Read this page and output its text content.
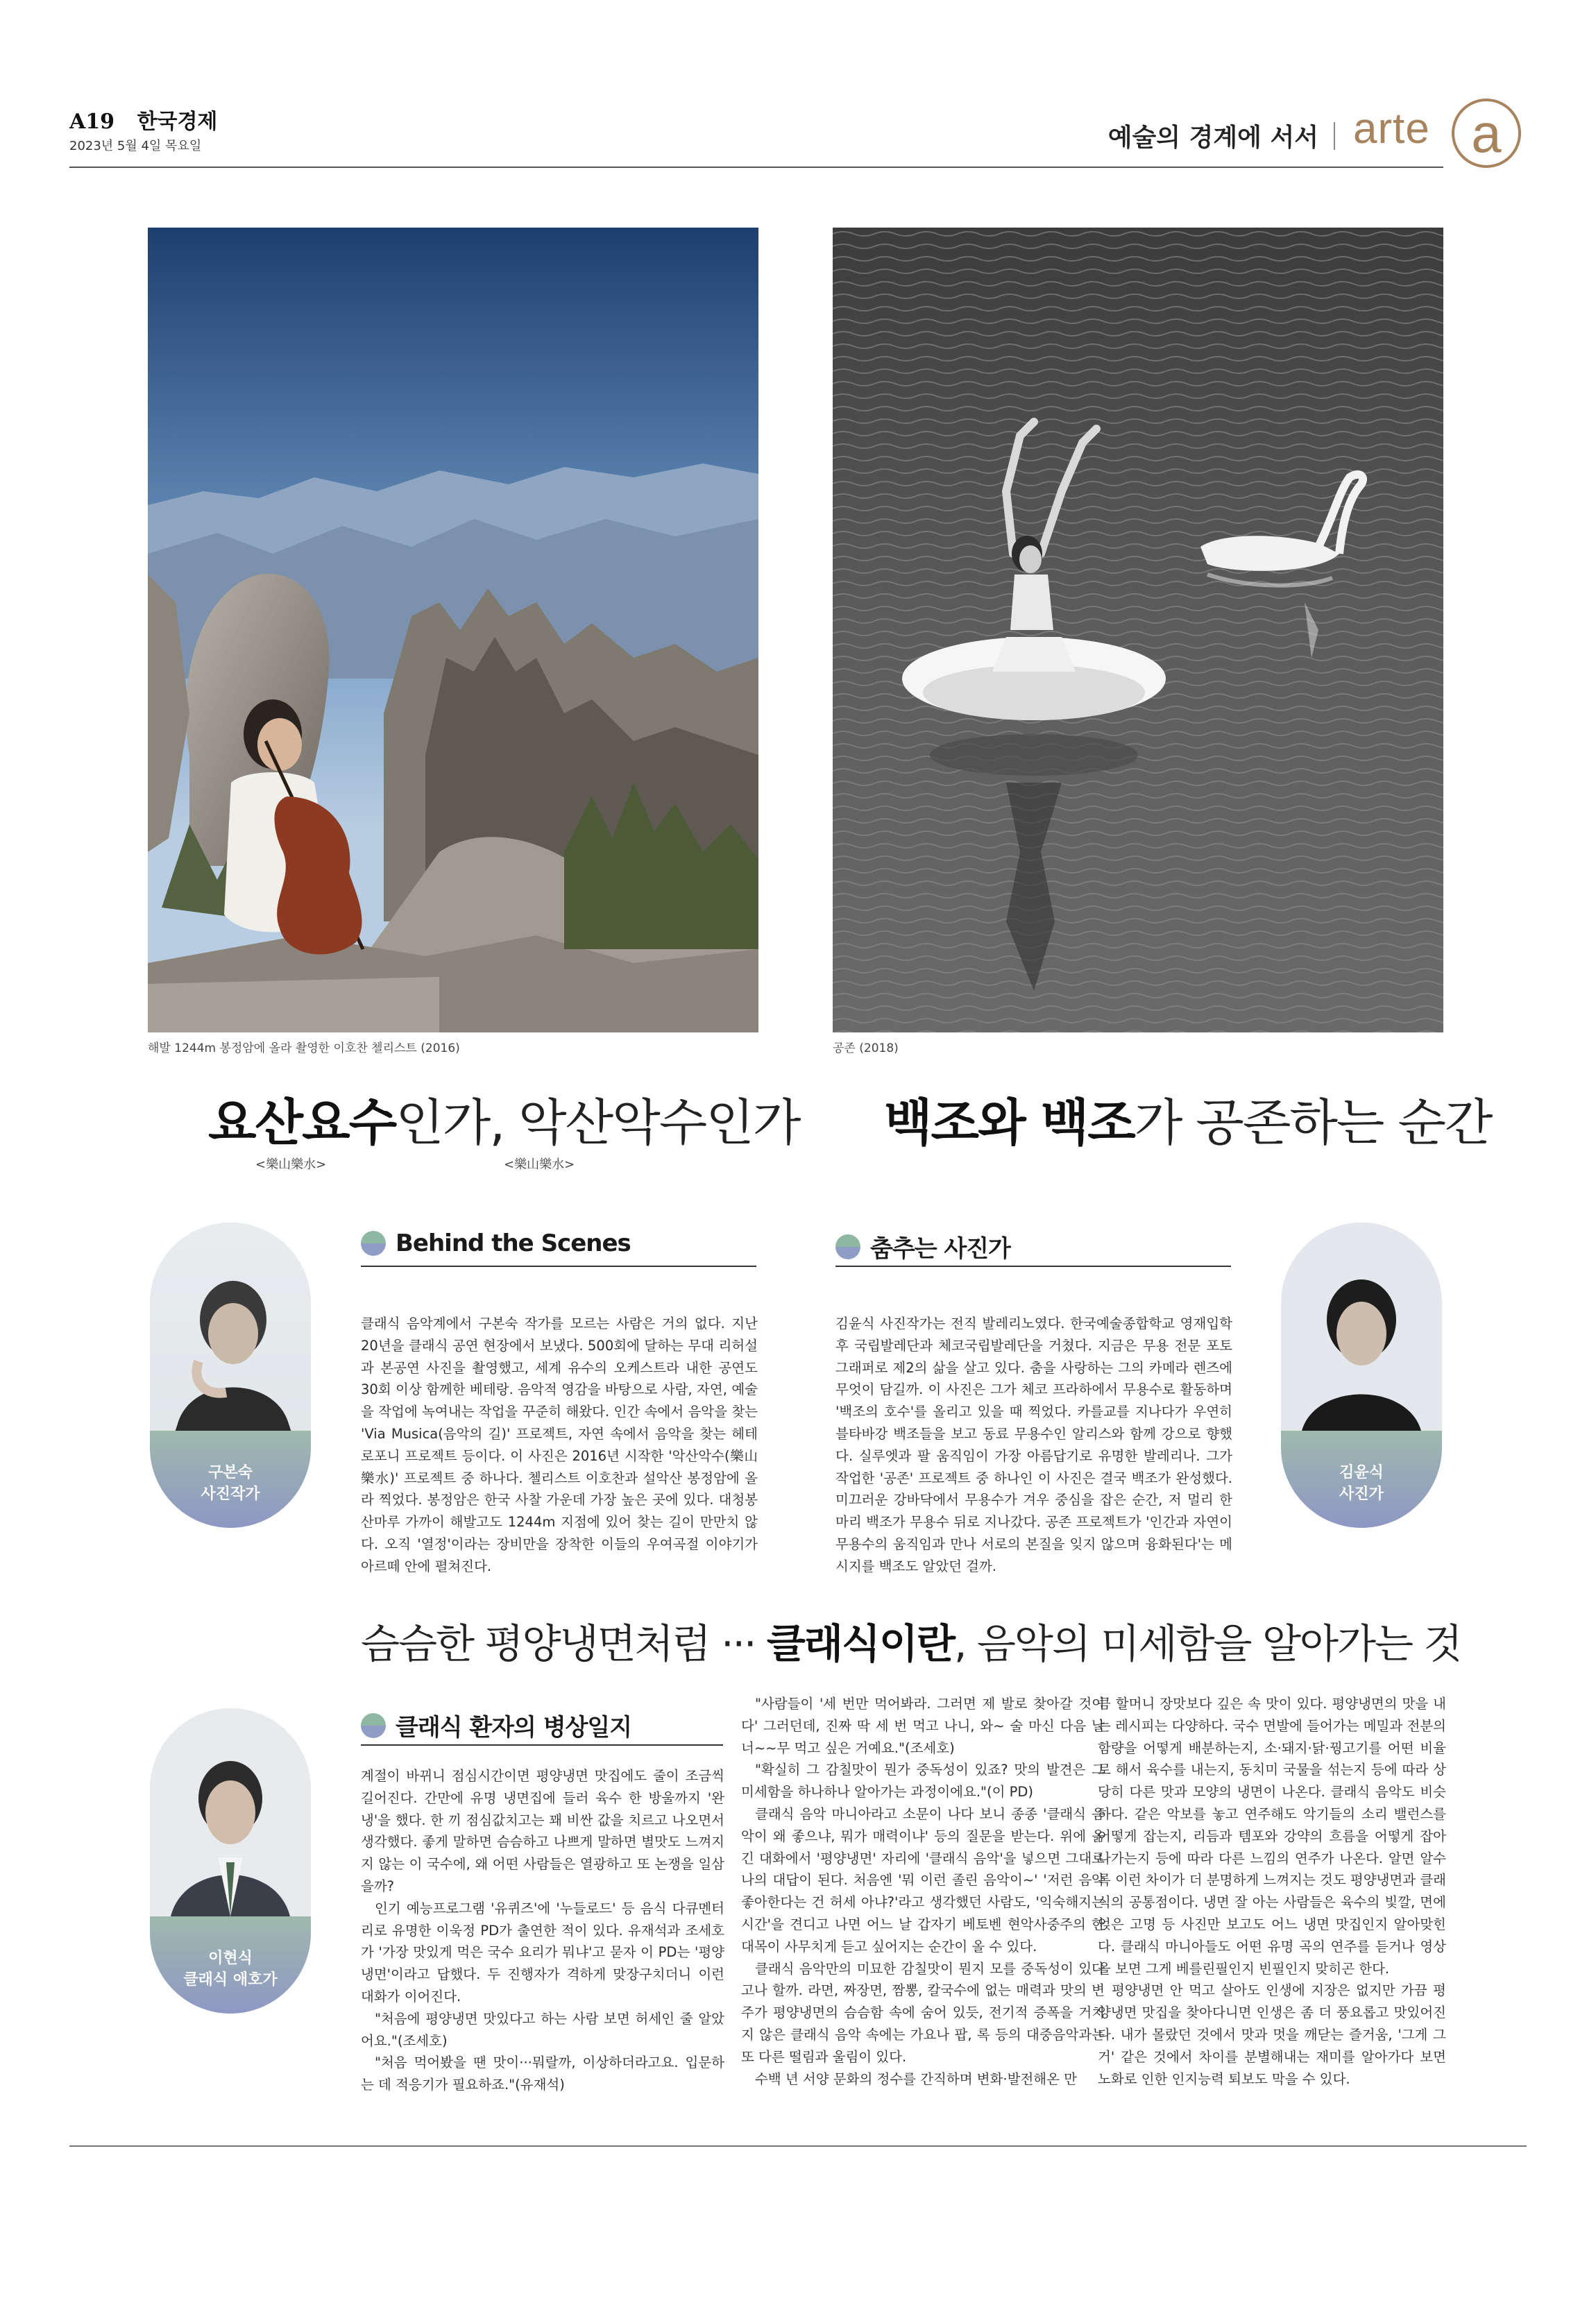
A19 한국경제
2023년 5월 4일 목요일	예술의 경계에 서서 arte a
해발 1244m 봉정암에 올라 촬영한 이호찬 첼리스트 (2016)	공존 (2018)
요산요수인가, 악산악수인가
<樂山樂水>	<樂山樂水>
백조와 백조가 공존하는 순간
구본숙
사진작가
Behind the Scenes
클래식 음악계에서 구본숙 작가를 모르는 사람은 거의 없다. 지난 20년을 클래식 공연 현장에서 보냈다. 500회에 달하는 무대 리허설과 본공연 사진을 촬영했고, 세계 유수의 오케스트라 내한 공연도 30회 이상 함께한 베테랑. 음악적 영감을 바탕으로 사람, 자연, 예술을 작업에 녹여내는 작업을 꾸준히 해왔다. 인간 속에서 음악을 찾는 'Via Musica(음악의 길)' 프로젝트, 자연 속에서 음악을 찾는 헤테로포니 프로젝트 등이다. 이 사진은 2016년 시작한 '악산악수(樂山樂水)' 프로젝트 중 하나다. 첼리스트 이호찬과 설악산 봉정암에 올라 찍었다. 봉정암은 한국 사찰 가운데 가장 높은 곳에 있다. 대청봉 산마루 가까이 해발고도 1244m 지점에 있어 찾는 길이 만만치 않다. 오직 '열정'이라는 장비만을 장착한 이들의 우여곡절 이야기가 아르떼 안에 펼쳐진다.
김윤식
사진가
춤추는 사진가
김윤식 사진작가는 전직 발레리노였다. 한국예술종합학교 영재입학 후 국립발레단과 체코국립발레단을 거쳤다. 지금은 무용 전문 포토그래퍼로 제2의 삶을 살고 있다. 춤을 사랑하는 그의 카메라 렌즈에 무엇이 담길까. 이 사진은 그가 체코 프라하에서 무용수로 활동하며 '백조의 호수'를 올리고 있을 때 찍었다. 카를교를 지나다가 우연히 블타바강 백조들을 보고 동료 무용수인 알리스와 함께 강으로 향했다. 실루엣과 팔 움직임이 가장 아름답기로 유명한 발레리나. 그가 작업한 '공존' 프로젝트 중 하나인 이 사진은 결국 백조가 완성했다. 미끄러운 강바닥에서 무용수가 겨우 중심을 잡은 순간, 저 멀리 한 마리 백조가 무용수 뒤로 지나갔다. 공존 프로젝트가 '인간과 자연이 무용수의 움직임과 만나 서로의 본질을 잊지 않으며 융화된다'는 메시지를 백조도 알았던 걸까.
슴슴한 평양냉면처럼 ··· 클래식이란, 음악의 미세함을 알아가는 것
이현식
클래식 애호가
클래식 환자의 병상일지

계절이 바뀌니 점심시간이면 평양냉면 맛집에도 줄이 조금씩 길어진다. 간만에 유명 냉면집에 들러 육수 한 방울까지 '완냉'을 했다. 한 끼 점심값치고는 꽤 비싼 값을 치르고 나오면서 생각했다. 좋게 말하면 슴슴하고 나쁘게 말하면 별맛도 느껴지지 않는 이 국수에, 왜 어떤 사람들은 열광하고 또 논쟁을 일삼을까?

인기 예능프로그램 '유퀴즈'에 '누들로드' 등 음식 다큐멘터리로 유명한 이욱정 PD가 출연한 적이 있다. 유재석과 조세호가 '가장 맛있게 먹은 국수 요리가 뭐냐'고 묻자 이 PD는 '평양냉면'이라고 답했다. 두 진행자가 격하게 맞장구치더니 이런 대화가 이어진다.

"처음에 평양냉면 맛있다고 하는 사람 보면 허세인 줄 알았어요."(조세호)

"처음 먹어봤을 땐 맛이···뭐랄까, 이상하더라고요. 입문하는 데 적응기가 필요하죠."(유재석)

"사람들이 '세 번만 먹어봐라. 그러면 제 발로 찾아갈 것이다' 그러던데, 진짜 딱 세 번 먹고 나니, 와~ 술 마신 다음 날 너~~무 먹고 싶은 거예요."(조세호)

"확실히 그 감칠맛이 뭔가 중독성이 있죠? 맛의 발견은 그 미세함을 하나하나 알아가는 과정이에요."(이 PD)

클래식 음악 마니아라고 소문이 나다 보니 종종 '클래식 음악이 왜 좋으냐, 뭐가 매력이냐' 등의 질문을 받는다. 위에 옮긴 대화에서 '평양냉면' 자리에 '클래식 음악'을 넣으면 그대로 나의 대답이 된다. 처음엔 '뭐 이런 졸린 음악이~' '저런 음악 좋아한다는 건 허세 아냐?'라고 생각했던 사람도, '익숙해지는 시간'을 견디고 나면 어느 날 갑자기 베토벤 현악사중주의 한 대목이 사무치게 듣고 싶어지는 순간이 올 수 있다.

클래식 음악만의 미묘한 감칠맛이 뭔지 모를 중독성이 있다고나 할까. 라면, 짜장면, 짬뽕, 칼국수에 없는 매력과 맛의 변주가 평양냉면의 슴슴함 속에 숨어 있듯, 전기적 증폭을 거치지 않은 클래식 음악 속에는 가요나 팝, 록 등의 대중음악과는 또 다른 떨림과 울림이 있다.

수백 년 서양 문화의 정수를 간직하며 변화·발전해온 만

큼 할머니 장맛보다 깊은 속 맛이 있다. 평양냉면의 맛을 내는 레시피는 다양하다. 국수 면발에 들어가는 메밀과 전분의 함량을 어떻게 배분하는지, 소·돼지·닭·꿩고기를 어떤 비율로 해서 육수를 내는지, 동치미 국물을 섞는지 등에 따라 상당히 다른 맛과 모양의 냉면이 나온다. 클래식 음악도 비슷하다. 같은 악보를 놓고 연주해도 악기들의 소리 밸런스를 어떻게 잡는지, 리듬과 템포와 강약의 흐름을 어떻게 잡아 나가는지 등에 따라 다른 느낌의 연주가 나온다. 알면 알수록 이런 차이가 더 분명하게 느껴지는 것도 평양냉면과 클래식의 공통점이다. 냉면 잘 아는 사람들은 육수의 빛깔, 면에 얹은 고명 등 사진만 보고도 어느 냉면 맛집인지 알아맞힌다. 클래식 마니아들도 어떤 유명 곡의 연주를 듣거나 영상을 보면 그게 베를린필인지 빈필인지 맞히곤 한다.

평양냉면 안 먹고 살아도 인생에 지장은 없지만 가끔 평양냉면 맛집을 찾아다니면 인생은 좀 더 풍요롭고 맛있어진다. 내가 몰랐던 것에서 맛과 멋을 깨닫는 즐거움, '그게 그거' 같은 것에서 차이를 분별해내는 재미를 알아가다 보면 노화로 인한 인지능력 퇴보도 막을 수 있다.
